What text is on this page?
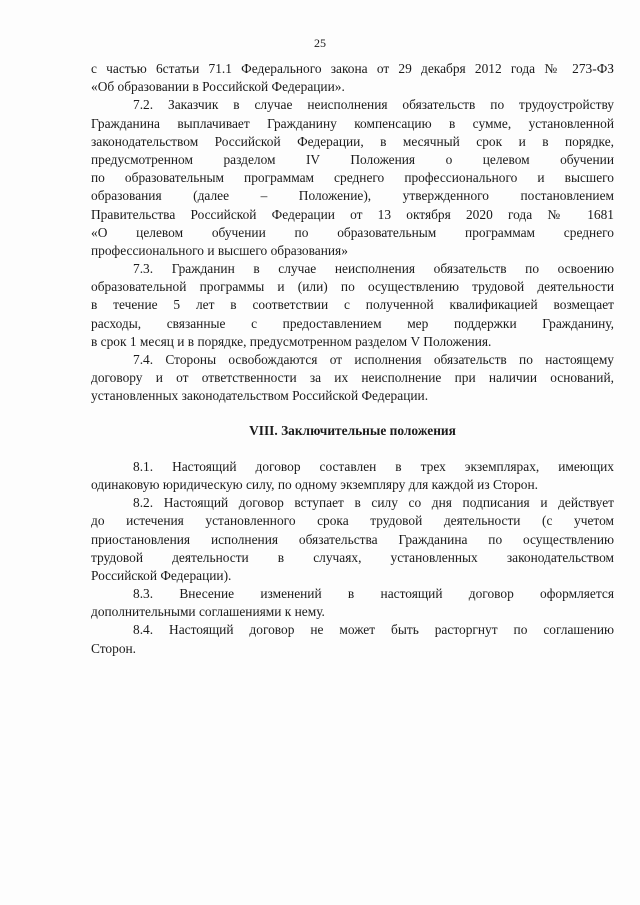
25
с частью 6статьи 71.1 Федерального закона от 29 декабря 2012 года № 273-ФЗ
«Об образовании в Российской Федерации».
7.2. Заказчик в случае неисполнения обязательств по трудоустройству
Гражданина выплачивает Гражданину компенсацию в сумме, установленной
законодательством Российской Федерации, в месячный срок и в порядке,
предусмотренном разделом IV Положения о целевом обучении
по образовательным программам среднего профессионального и высшего
образования (далее – Положение), утвержденного постановлением
Правительства Российской Федерации от 13 октября 2020 года № 1681
«О целевом обучении по образовательным программам среднего
профессионального и высшего образования»
7.3. Гражданин в случае неисполнения обязательств по освоению
образовательной программы и (или) по осуществлению трудовой деятельности
в течение 5 лет в соответствии с полученной квалификацией возмещает
расходы, связанные с предоставлением мер поддержки Гражданину,
в срок 1 месяц и в порядке, предусмотренном разделом V Положения.
7.4. Стороны освобождаются от исполнения обязательств по настоящему
договору и от ответственности за их неисполнение при наличии оснований,
установленных законодательством Российской Федерации.
VIII. Заключительные положения
8.1. Настоящий договор составлен в трех экземплярах, имеющих
одинаковую юридическую силу, по одному экземпляру для каждой из Сторон.
8.2. Настоящий договор вступает в силу со дня подписания и действует
до истечения установленного срока трудовой деятельности (с учетом
приостановления исполнения обязательства Гражданина по осуществлению
трудовой деятельности в случаях, установленных законодательством
Российской Федерации).
8.3. Внесение изменений в настоящий договор оформляется
дополнительными соглашениями к нему.
8.4. Настоящий договор не может быть расторгнут по соглашению
Сторон.
